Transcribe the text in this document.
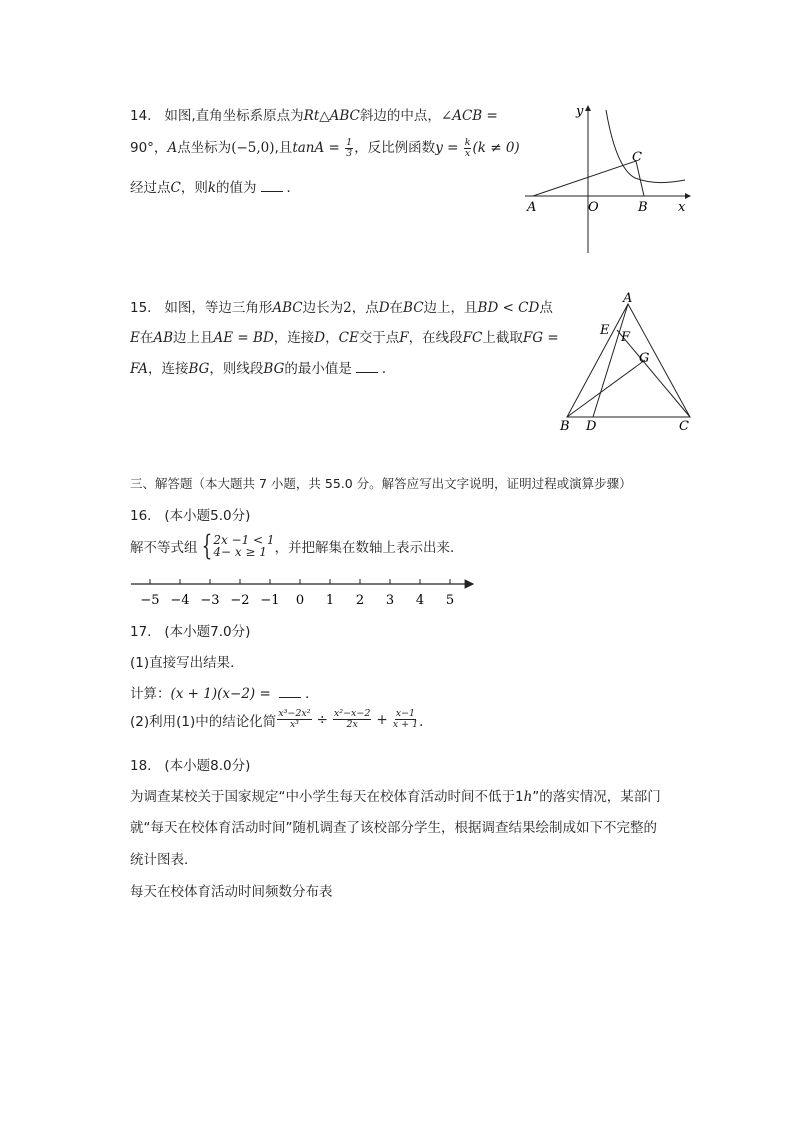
14. 如图,直角坐标系原点为Rt△ABC斜边的中点，∠ACB =
90°，A点坐标为(−5,0),且$\tan A = \frac{1}{3}$ ，反比例函数$y = \frac{k}{x} (k \ne 0)$
经过点C，则k的值为 ．
y
x
A	O	B
C
15. 如图，等边三角形ABC边长为2，点D在BC边上，且BD < CD点
E在AB边上且AE = BD，连接D，CE交于点F，在线段FC上截取FG =
FA，连接BG，则线段BG的最小值是 ．
A
E F
G
B D	C
三、解答题（本大题共 7 小题，共 55.0 分。解答应写出文字说明，证明过程或演算步骤）
16. (本小题5.0分)
解不等式组 { 2x −1 < 1
4− x ≥ 1 ，并把解集在数轴上表示出来．
−5 −4 −3 −2 −1 0 1 2 3 4 5
17. (本小题7.0分)
(1)直接写出结果．
计算：(x + 1)(x−2) = ．
(2)利用(1)中的结论化简 $\frac{\text{x³−2x²}}{\text{x³}} \div \frac{\text{x²−x−2}}{2x} + \frac{x-1}{x + 1}$ ．
18. (本小题8.0分)
为调查某校关于国家规定“中小学生每天在校体育活动时间不低于1h”的落实情况，某部门
就“每天在校体育活动时间”随机调查了该校部分学生，根据调查结果绘制成如下不完整的
统计图表．
每天在校体育活动时间频数分布表
